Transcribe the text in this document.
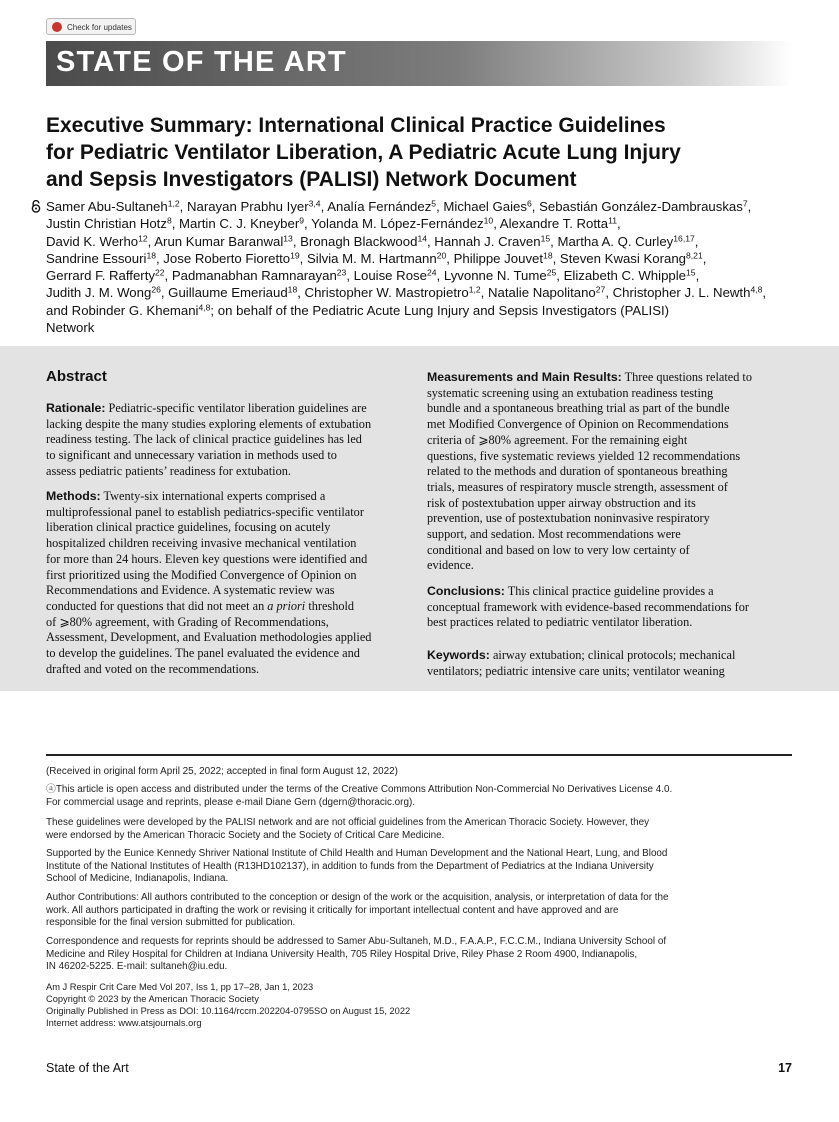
Check for updates
STATE OF THE ART
Executive Summary: International Clinical Practice Guidelines
for Pediatric Ventilator Liberation, A Pediatric Acute Lung Injury
and Sepsis Investigators (PALISI) Network Document
Samer Abu-Sultaneh$^{1,2}$, Narayan Prabhu Iyer$^{3,4}$, Analía Fernández$^5$, Michael Gaies$^6$, Sebastián González-Dambrauskas$^7$,
Justin Christian Hotz$^8$, Martin C. J. Kneyber$^9$, Yolanda M. López-Fernández$^{10}$, Alexandre T. Rotta$^{11}$,
David K. Werho$^{12}$, Arun Kumar Baranwal$^{13}$, Bronagh Blackwood$^{14}$, Hannah J. Craven$^{15}$, Martha A. Q. Curley$^{16,17}$,
Sandrine Essouri$^{18}$, Jose Roberto Fioretto$^{19}$, Silvia M. M. Hartmann$^{20}$, Philippe Jouvet$^{18}$, Steven Kwasi Korang$^{8,21}$,
Gerrard F. Rafferty$^{22}$, Padmanabhan Ramnarayan$^{23}$, Louise Rose$^{24}$, Lyvonne N. Tume$^{25}$, Elizabeth C. Whipple$^{15}$,
Judith J. M. Wong$^{26}$, Guillaume Emeriaud$^{18}$, Christopher W. Mastropietro$^{1,2}$, Natalie Napolitano$^{27}$, Christopher J. L. Newth$^{4,8}$,
and Robinder G. Khemani$^{4,8}$; on behalf of the Pediatric Acute Lung Injury and Sepsis Investigators (PALISI)
Network
Abstract
Rationale: Pediatric-specific ventilator liberation guidelines are
lacking despite the many studies exploring elements of extubation
readiness testing. The lack of clinical practice guidelines has led
to significant and unnecessary variation in methods used to
assess pediatric patients’ readiness for extubation.
Methods: Twenty-six international experts comprised a
multiprofessional panel to establish pediatrics-specific ventilator
liberation clinical practice guidelines, focusing on acutely
hospitalized children receiving invasive mechanical ventilation
for more than 24 hours. Eleven key questions were identified and
first prioritized using the Modified Convergence of Opinion on
Recommendations and Evidence. A systematic review was
conducted for questions that did not meet an a priori threshold
of ⩾80% agreement, with Grading of Recommendations,
Assessment, Development, and Evaluation methodologies applied
to develop the guidelines. The panel evaluated the evidence and
drafted and voted on the recommendations.
Measurements and Main Results: Three questions related to
systematic screening using an extubation readiness testing
bundle and a spontaneous breathing trial as part of the bundle
met Modified Convergence of Opinion on Recommendations
criteria of ⩾80% agreement. For the remaining eight
questions, five systematic reviews yielded 12 recommendations
related to the methods and duration of spontaneous breathing
trials, measures of respiratory muscle strength, assessment of
risk of postextubation upper airway obstruction and its
prevention, use of postextubation noninvasive respiratory
support, and sedation. Most recommendations were
conditional and based on low to very low certainty of
evidence.
Conclusions: This clinical practice guideline provides a
conceptual framework with evidence-based recommendations for
best practices related to pediatric ventilator liberation.
Keywords: airway extubation; clinical protocols; mechanical
ventilators; pediatric intensive care units; ventilator weaning
(Received in original form April 25, 2022; accepted in final form August 12, 2022)
ⓐThis article is open access and distributed under the terms of the Creative Commons Attribution Non-Commercial No Derivatives License 4.0.
For commercial usage and reprints, please e-mail Diane Gern (dgern@thoracic.org).
These guidelines were developed by the PALISI network and are not official guidelines from the American Thoracic Society. However, they
were endorsed by the American Thoracic Society and the Society of Critical Care Medicine.
Supported by the Eunice Kennedy Shriver National Institute of Child Health and Human Development and the National Heart, Lung, and Blood
Institute of the National Institutes of Health (R13HD102137), in addition to funds from the Department of Pediatrics at the Indiana University
School of Medicine, Indianapolis, Indiana.
Author Contributions: All authors contributed to the conception or design of the work or the acquisition, analysis, or interpretation of data for the
work. All authors participated in drafting the work or revising it critically for important intellectual content and have approved and are
responsible for the final version submitted for publication.
Correspondence and requests for reprints should be addressed to Samer Abu-Sultaneh, M.D., F.A.A.P., F.C.C.M., Indiana University School of
Medicine and Riley Hospital for Children at Indiana University Health, 705 Riley Hospital Drive, Riley Phase 2 Room 4900, Indianapolis,
IN 46202-5225. E-mail: sultaneh@iu.edu.
Am J Respir Crit Care Med Vol 207, Iss 1, pp 17–28, Jan 1, 2023
Copyright © 2023 by the American Thoracic Society
Originally Published in Press as DOI: 10.1164/rccm.202204-0795SO on August 15, 2022
Internet address: www.atsjournals.org
State of the Art	17
